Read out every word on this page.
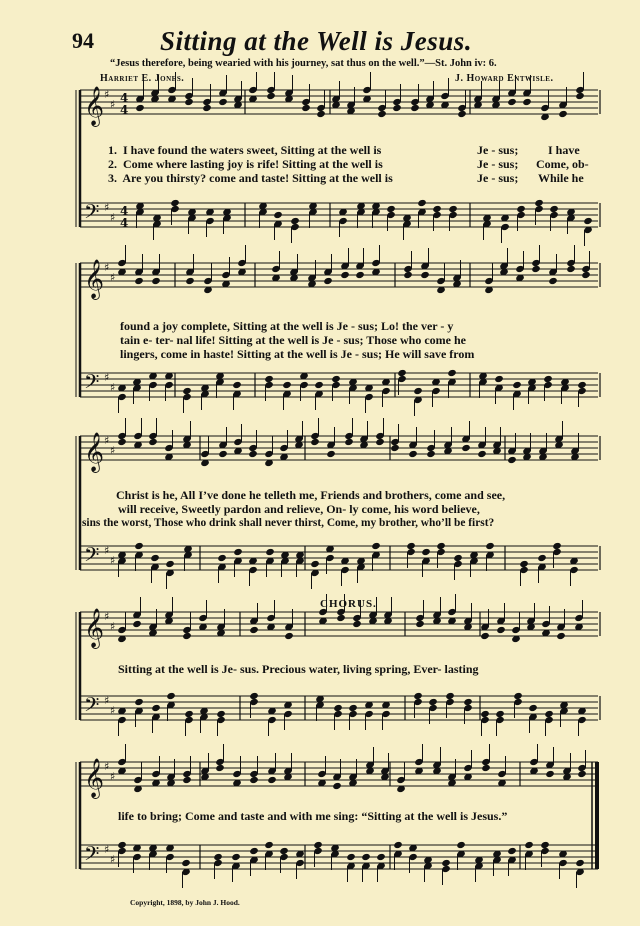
𝄞 ♯
♯ 4
4
𝄢 ♯
♯ 4
4
𝄞 ♯
♯
𝄢 ♯
♯
𝄞 ♯
♯
𝄢 ♯
♯
𝄞 ♯
♯
𝄢 ♯
♯
𝄞 ♯
♯
𝄢 ♯
♯
94 Sitting at the Well is Jesus.
“Jesus therefore, being wearied with his journey, sat thus on the well.”—St. John iv: 6.
Harriet E. Jones.	J. Howard Entwisle.
1. I have found the waters sweet, Sitting at the well is	Je - sus; I have
2. Come where lasting joy is rife! Sitting at the well is	Je - sus; Come, ob-
3. Are you thirsty? come and taste! Sitting at the well is	Je - sus; While he
found a joy complete, Sitting at the well is Je - sus; Lo! the ver - y
tain e- ter- nal life! Sitting at the well is Je - sus; Those who come he
lingers, come in haste! Sitting at the well is Je - sus; He will save from
Christ is he, All I’ve done he telleth me, Friends and brothers, come and see,
will receive, Sweetly pardon and relieve, On- ly come, his word believe,
sins the worst, Those who drink shall never thirst, Come, my brother, who’ll be first?
CHORUS.
Sitting at the well is Je- sus. Precious water, living spring, Ever- lasting
life to bring; Come and taste and with me sing: “Sitting at the well is Jesus.”
Copyright, 1898, by John J. Hood.
